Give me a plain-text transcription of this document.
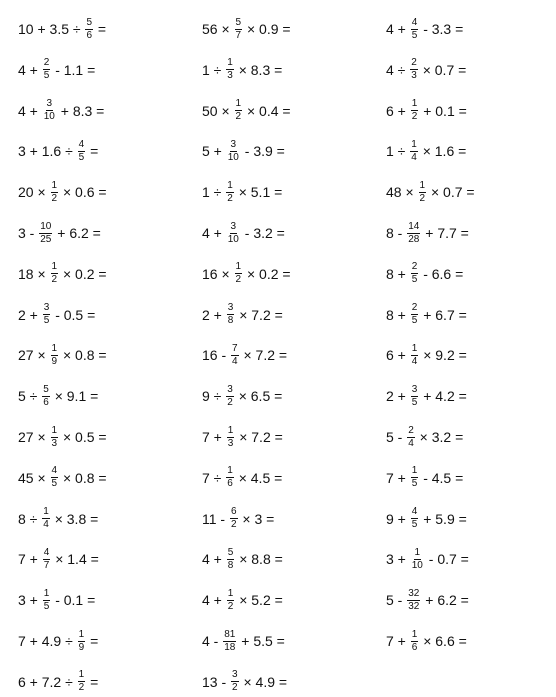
$10 + 3.5 \div \frac{5}{6}$ =
$4 + \frac{2}{5} - 1.1$ =
$4 + \frac{3}{10} + 8.3$ =
$3 + 1.6 \div \frac{4}{5}$ =
$20 \times \frac{1}{2} \times 0.6$ =
$3 - \frac{10}{25} + 6.2$ =
$18 \times \frac{1}{2} \times 0.2$ =
$2 + \frac{3}{5} - 0.5$ =
$27 \times \frac{1}{9} \times 0.8$ =
$5 \div \frac{5}{6} \times 9.1$ =
$27 \times \frac{1}{3} \times 0.5$ =
$45 \times \frac{4}{5} \times 0.8$ =
$8 \div \frac{1}{4} \times 3.8$ =
$7 + \frac{4}{7} \times 1.4$ =
$3 + \frac{1}{5} - 0.1$ =
$7 + 4.9 \div \frac{1}{9}$ =
$6 + 7.2 \div \frac{1}{2}$ =
$56 \times \frac{5}{7} \times 0.9$ =
$1 \div \frac{1}{3} \times 8.3$ =
$50 \times \frac{1}{2} \times 0.4$ =
$5 + \frac{3}{10} - 3.9$ =
$1 \div \frac{1}{2} \times 5.1$ =
$4 + \frac{3}{10} - 3.2$ =
$16 \times \frac{1}{2} \times 0.2$ =
$2 + \frac{3}{8} \times 7.2$ =
$16 - \frac{7}{4} \times 7.2$ =
$9 \div \frac{3}{2} \times 6.5$ =
$7 + \frac{1}{3} \times 7.2$ =
$7 \div \frac{1}{6} \times 4.5$ =
$11 - \frac{6}{2} \times 3$ =
$4 + \frac{5}{8} \times 8.8$ =
$4 + \frac{1}{2} \times 5.2$ =
$4 - \frac{81}{18} + 5.5$ =
$13 - \frac{3}{2} \times 4.9$ =
$4 + \frac{4}{5} - 3.3$ =
$4 \div \frac{2}{3} \times 0.7$ =
$6 + \frac{1}{2} + 0.1$ =
$1 \div \frac{1}{4} \times 1.6$ =
$48 \times \frac{1}{2} \times 0.7$ =
$8 - \frac{14}{28} + 7.7$ =
$8 + \frac{2}{5} - 6.6$ =
$8 + \frac{2}{5} + 6.7$ =
$6 + \frac{1}{4} \times 9.2$ =
$2 + \frac{3}{5} + 4.2$ =
$5 - \frac{2}{4} \times 3.2$ =
$7 + \frac{1}{5} - 4.5$ =
$9 + \frac{4}{5} + 5.9$ =
$3 + \frac{1}{10} - 0.7$ =
$5 - \frac{32}{32} + 6.2$ =
$7 + \frac{1}{6} \times 6.6$ =
